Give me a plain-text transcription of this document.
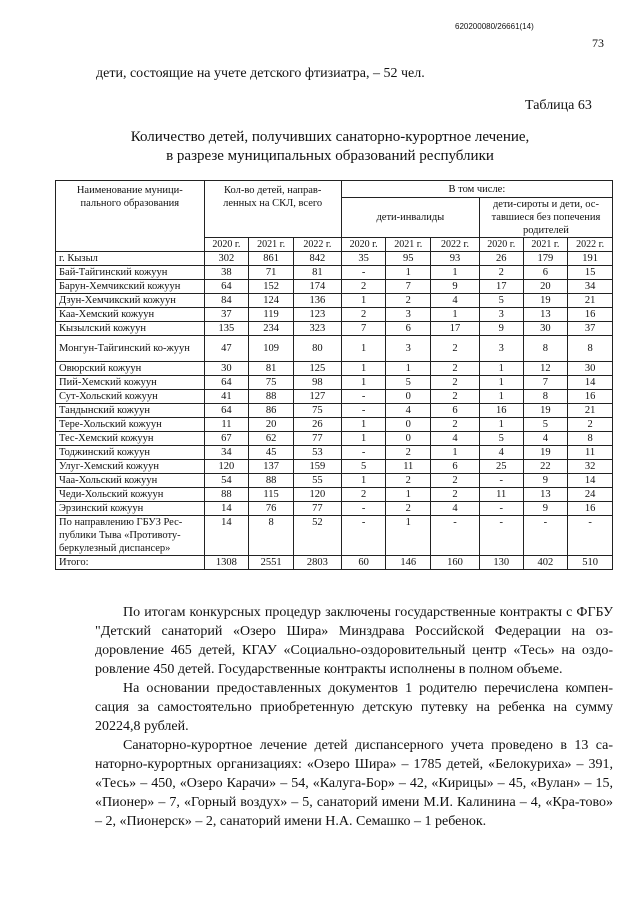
620200080/26661(14)
73
дети, состоящие на учете детского фтизиатра, – 52 чел.
Таблица 63
Количество детей, получивших санаторно-курортное лечение,
в разрезе муниципальных образований республики
Наименование муници-пального образования	Кол-во детей, направ-ленных на СКЛ, всего			В том числе:					
				дети-инвалиды			дети-сироты и дети, ос-тавшиеся без попечения родителей		
	2020 г.	2021 г.	2022 г.	2020 г.	2021 г.	2022 г.	2020 г.	2021 г.	2022 г.
г. Кызыл	302	861	842	35	95	93	26	179	191
Бай-Тайгинский кожуун	38	71	81	-	1	1	2	6	15
Барун-Хемчикский кожуун	64	152	174	2	7	9	17	20	34
Дзун-Хемчикский кожуун	84	124	136	1	2	4	5	19	21
Каа-Хемский кожуун	37	119	123	2	3	1	3	13	16
Кызылский кожуун	135	234	323	7	6	17	9	30	37
Монгун-Тайгинский ко-жуун	47	109	80	1	3	2	3	8	8
Овюрский кожуун	30	81	125	1	1	2	1	12	30
Пий-Хемский кожуун	64	75	98	1	5	2	1	7	14
Сут-Хольский кожуун	41	88	127	-	0	2	1	8	16
Тандынский кожуун	64	86	75	-	4	6	16	19	21
Тере-Хольский кожуун	11	20	26	1	0	2	1	5	2
Тес-Хемский кожуун	67	62	77	1	0	4	5	4	8
Тоджинский кожуун	34	45	53	-	2	1	4	19	11
Улуг-Хемский кожуун	120	137	159	5	11	6	25	22	32
Чаа-Хольский кожуун	54	88	55	1	2	2	-	9	14
Чеди-Хольский кожуун	88	115	120	2	1	2	11	13	24
Эрзинский кожуун	14	76	77	-	2	4	-	9	16
По направлению ГБУЗ Рес-публики Тыва «Противоту-беркулезный диспансер»	14	8	52	-	1	-	-	-	-
Итого:	1308	2551	2803	60	146	160	130	402	510
По итогам конкурсных процедур заключены государственные контракты с ФГБУ "Детский санаторий «Озеро Шира» Минздрава Российской Федерации на оз-доровление 465 детей, КГАУ «Социально-оздоровительный центр «Тесь» на оздо-ровление 450 детей. Государственные контракты исполнены в полном объеме.
На основании предоставленных документов 1 родителю перечислена компен-сация за самостоятельно приобретенную детскую путевку на ребенка на сумму 20224,8 рублей.
Санаторно-курортное лечение детей диспансерного учета проведено в 13 са-наторно-курортных организациях: «Озеро Шира» – 1785 детей, «Белокуриха» – 391, «Тесь» – 450, «Озеро Карачи» – 54, «Калуга-Бор» – 42, «Кирицы» – 45, «Вулан» – 15, «Пионер» – 7, «Горный воздух» – 5, санаторий имени М.И. Калинина – 4, «Кра-тово» – 2, «Пионерск» – 2, санаторий имени Н.А. Семашко – 1 ребенок.
